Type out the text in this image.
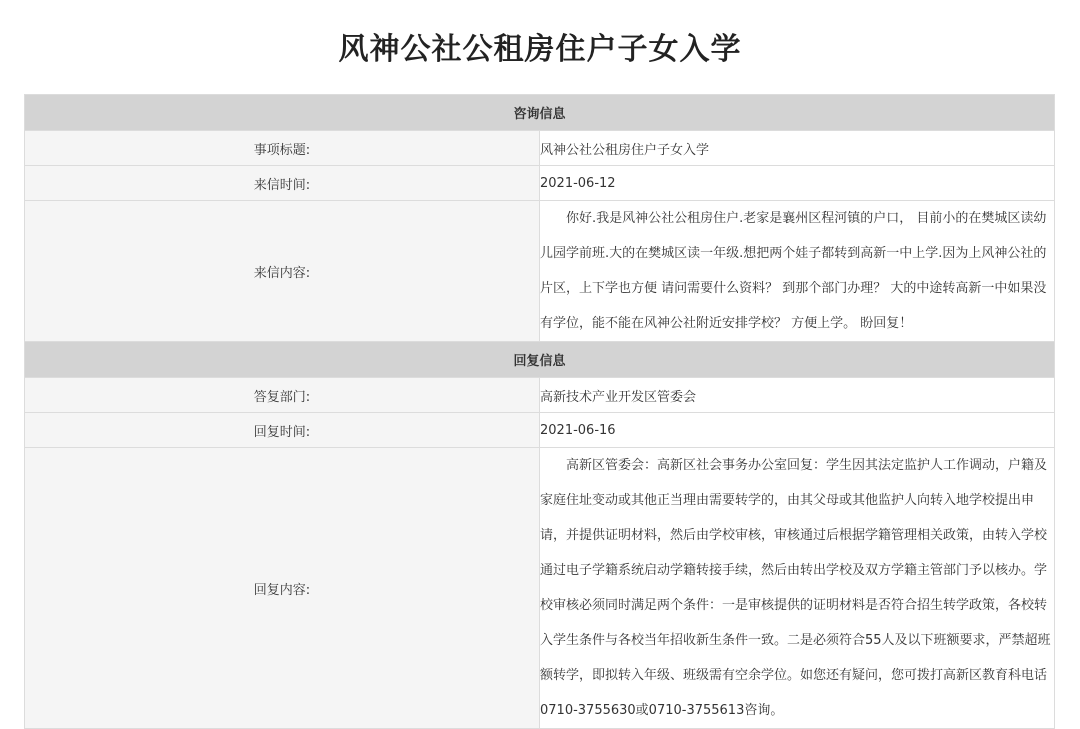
风神公社公租房住户子女入学
咨询信息	
事项标题:	风神公社公租房住户子女入学
来信时间:	2021-06-12
来信内容:	你好.我是风神公社公租房住户.老家是襄州区程河镇的户口， 目前小的在樊城区读幼儿园学前班.大的在樊城区读一年级.想把两个娃子都转到高新一中上学.因为上风神公社的片区，上下学也方便 请问需要什么资料？ 到那个部门办理？ 大的中途转高新一中如果没有学位，能不能在风神公社附近安排学校？ 方便上学。 盼回复！

回复信息	
答复部门:	高新技术产业开发区管委会
回复时间:	2021-06-16
回复内容:	高新区管委会：高新区社会事务办公室回复：学生因其法定监护人工作调动，户籍及家庭住址变动或其他正当理由需要转学的，由其父母或其他监护人向转入地学校提出申请，并提供证明材料，然后由学校审核，审核通过后根据学籍管理相关政策，由转入学校通过电子学籍系统启动学籍转接手续，然后由转出学校及双方学籍主管部门予以核办。学校审核必须同时满足两个条件：一是审核提供的证明材料是否符合招生转学政策，各校转入学生条件与各校当年招收新生条件一致。二是必须符合55人及以下班额要求，严禁超班额转学，即拟转入年级、班级需有空余学位。如您还有疑问，您可拨打高新区教育科电话0710-3755630或0710-3755613咨询。
